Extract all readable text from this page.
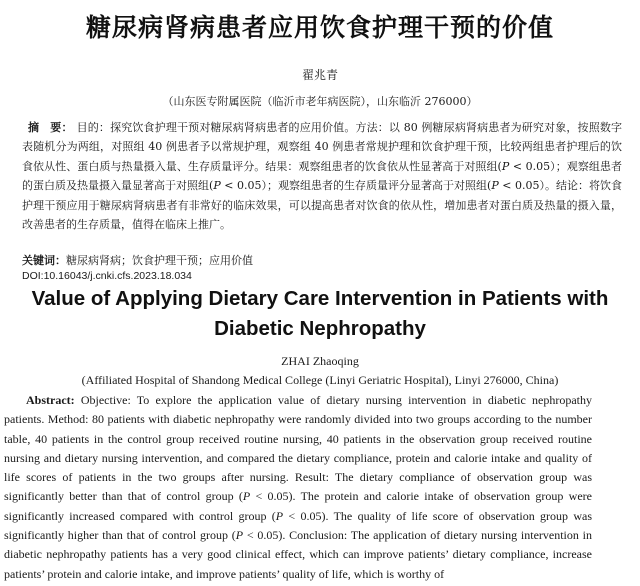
糖尿病肾病患者应用饮食护理干预的价值
翟兆青
（山东医专附属医院（临沂市老年病医院），山东临沂 276000）
摘　要： 目的：探究饮食护理干预对糖尿病肾病患者的应用价值。方法：以 80 例糖尿病肾病患者为研究对象，按照数字表随机分为两组，对照组 40 例患者予以常规护理，观察组 40 例患者常规护理和饮食护理干预，比较两组患者护理后的饮食依从性、蛋白质与热量摄入量、生存质量评分。结果：观察组患者的饮食依从性显著高于对照组(P < 0.05）；观察组患者的蛋白质及热量摄入量显著高于对照组(P < 0.05）；观察组患者的生存质量评分显著高于对照组(P < 0.05）。结论：将饮食护理干预应用于糖尿病肾病患者有非常好的临床效果，可以提高患者对饮食的依从性，增加患者对蛋白质及热量的摄入量，改善患者的生存质量，值得在临床上推广。
关键词：糖尿病肾病；饮食护理干预；应用价值
DOI:10.16043/j.cnki.cfs.2023.18.034
Value of Applying Dietary Care Intervention in Patients with
Diabetic Nephropathy
ZHAI Zhaoqing
(Affiliated Hospital of Shandong Medical College (Linyi Geriatric Hospital), Linyi 276000, China)
Abstract: Objective: To explore the application value of dietary nursing intervention in diabetic nephropathy patients. Method: 80 patients with diabetic nephropathy were randomly divided into two groups according to the number table, 40 patients in the control group received routine nursing, 40 patients in the observation group received routine nursing and dietary nursing intervention, and compared the dietary compliance, protein and calorie intake and quality of life scores of patients in the two groups after nursing. Result: The dietary compliance of observation group was significantly better than that of control group (P < 0.05). The protein and calorie intake of observation group were significantly increased compared with control group (P < 0.05). The quality of life score of observation group was significantly higher than that of control group (P < 0.05). Conclusion: The application of dietary nursing intervention in diabetic nephropathy patients has a very good clinical effect, which can improve patients’ dietary compliance, increase patients’ protein and calorie intake, and improve patients’ quality of life, which is worthy of
